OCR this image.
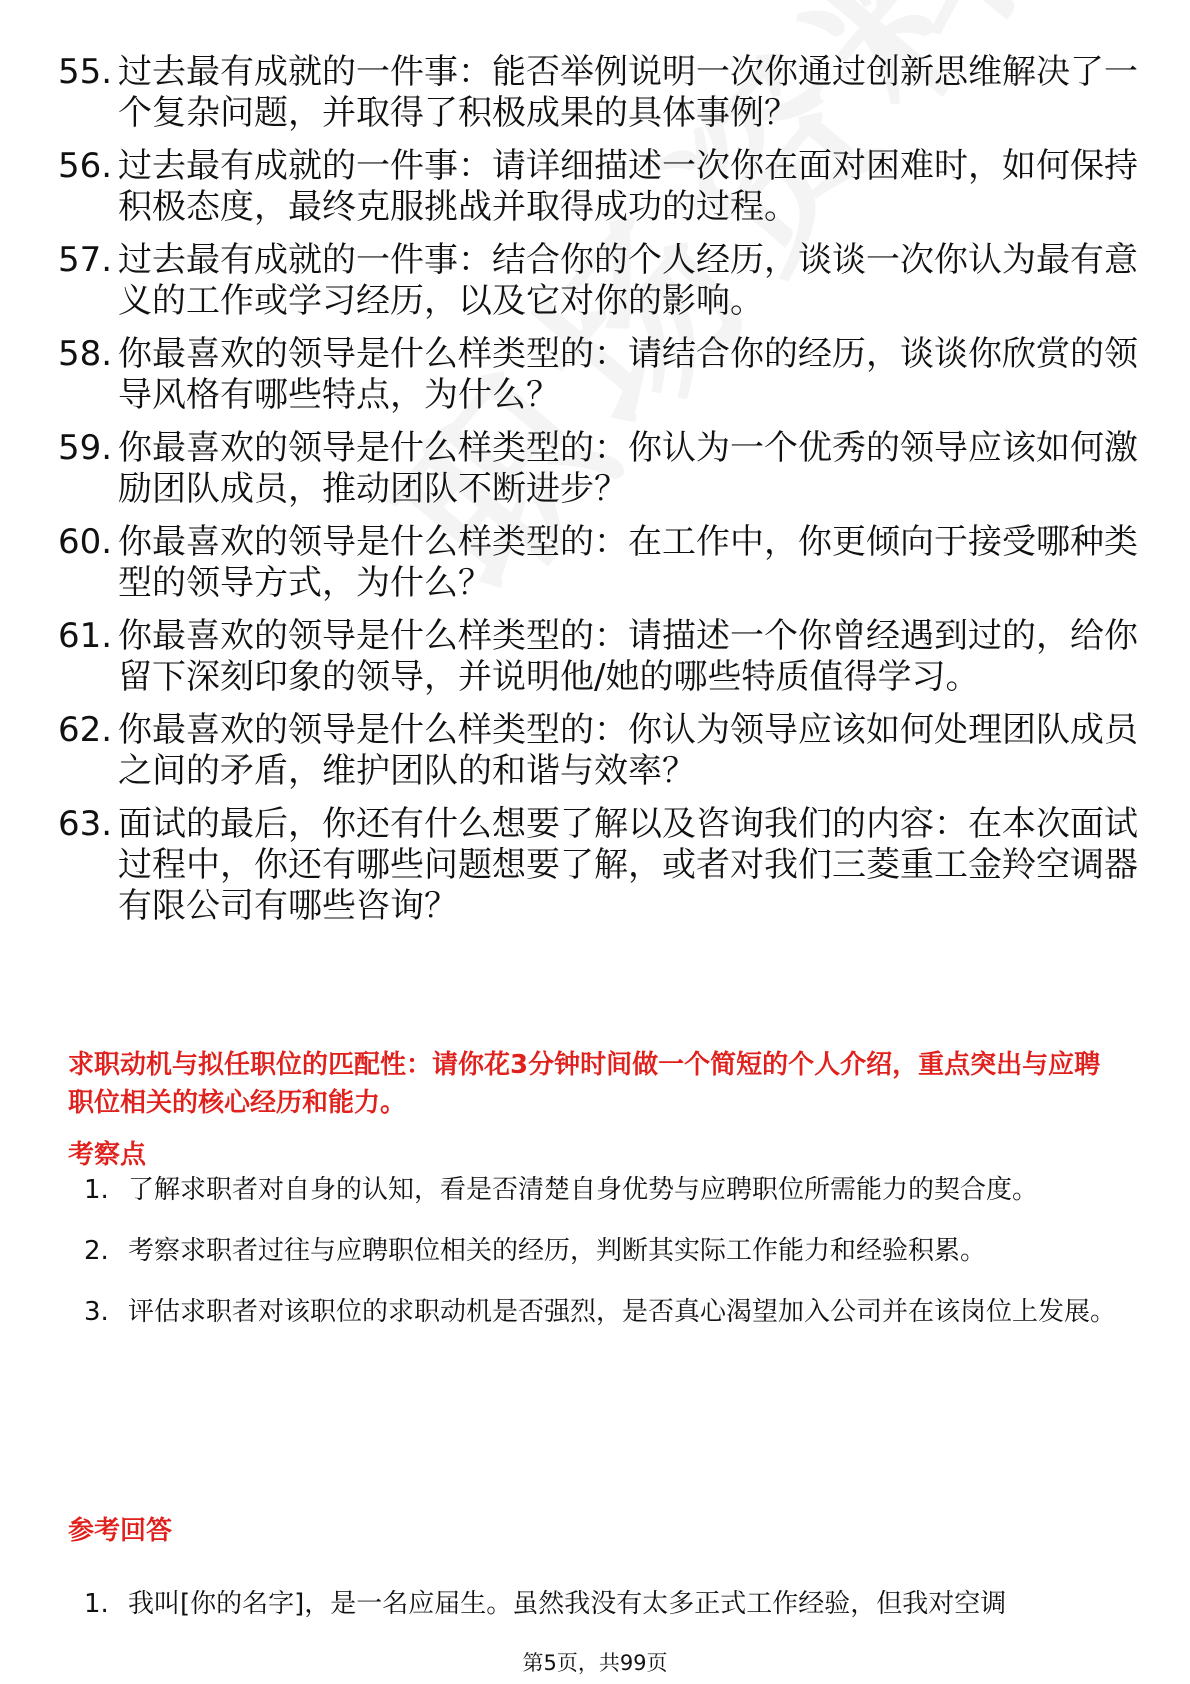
55. 过去最有成就的一件事：能否举例说明一次你通过创新思维解决了一个复杂问题，并取得了积极成果的具体事例？
56. 过去最有成就的一件事：请详细描述一次你在面对困难时，如何保持积极态度，最终克服挑战并取得成功的过程。
57. 过去最有成就的一件事：结合你的个人经历，谈谈一次你认为最有意义的工作或学习经历，以及它对你的影响。
58. 你最喜欢的领导是什么样类型的：请结合你的经历，谈谈你欣赏的领导风格有哪些特点，为什么？
59. 你最喜欢的领导是什么样类型的：你认为一个优秀的领导应该如何激励团队成员，推动团队不断进步？
60. 你最喜欢的领导是什么样类型的：在工作中，你更倾向于接受哪种类型的领导方式，为什么？
61. 你最喜欢的领导是什么样类型的：请描述一个你曾经遇到过的，给你留下深刻印象的领导，并说明他/她的哪些特质值得学习。
62. 你最喜欢的领导是什么样类型的：你认为领导应该如何处理团队成员之间的矛盾，维护团队的和谐与效率？
63. 面试的最后，你还有什么想要了解以及咨询我们的内容：在本次面试过程中，你还有哪些问题想要了解，或者对我们三菱重工金羚空调器有限公司有哪些咨询？
求职动机与拟任职位的匹配性：请你花3分钟时间做一个简短的个人介绍，重点突出与应聘职位相关的核心经历和能力。
考察点
1. 了解求职者对自身的认知，看是否清楚自身优势与应聘职位所需能力的契合度。
2. 考察求职者过往与应聘职位相关的经历，判断其实际工作能力和经验积累。
3. 评估求职者对该职位的求职动机是否强烈，是否真心渴望加入公司并在该岗位上发展。
参考回答
1. 我叫[你的名字]，是一名应届生。虽然我没有太多正式工作经验，但我对空调
第5页，共99页
